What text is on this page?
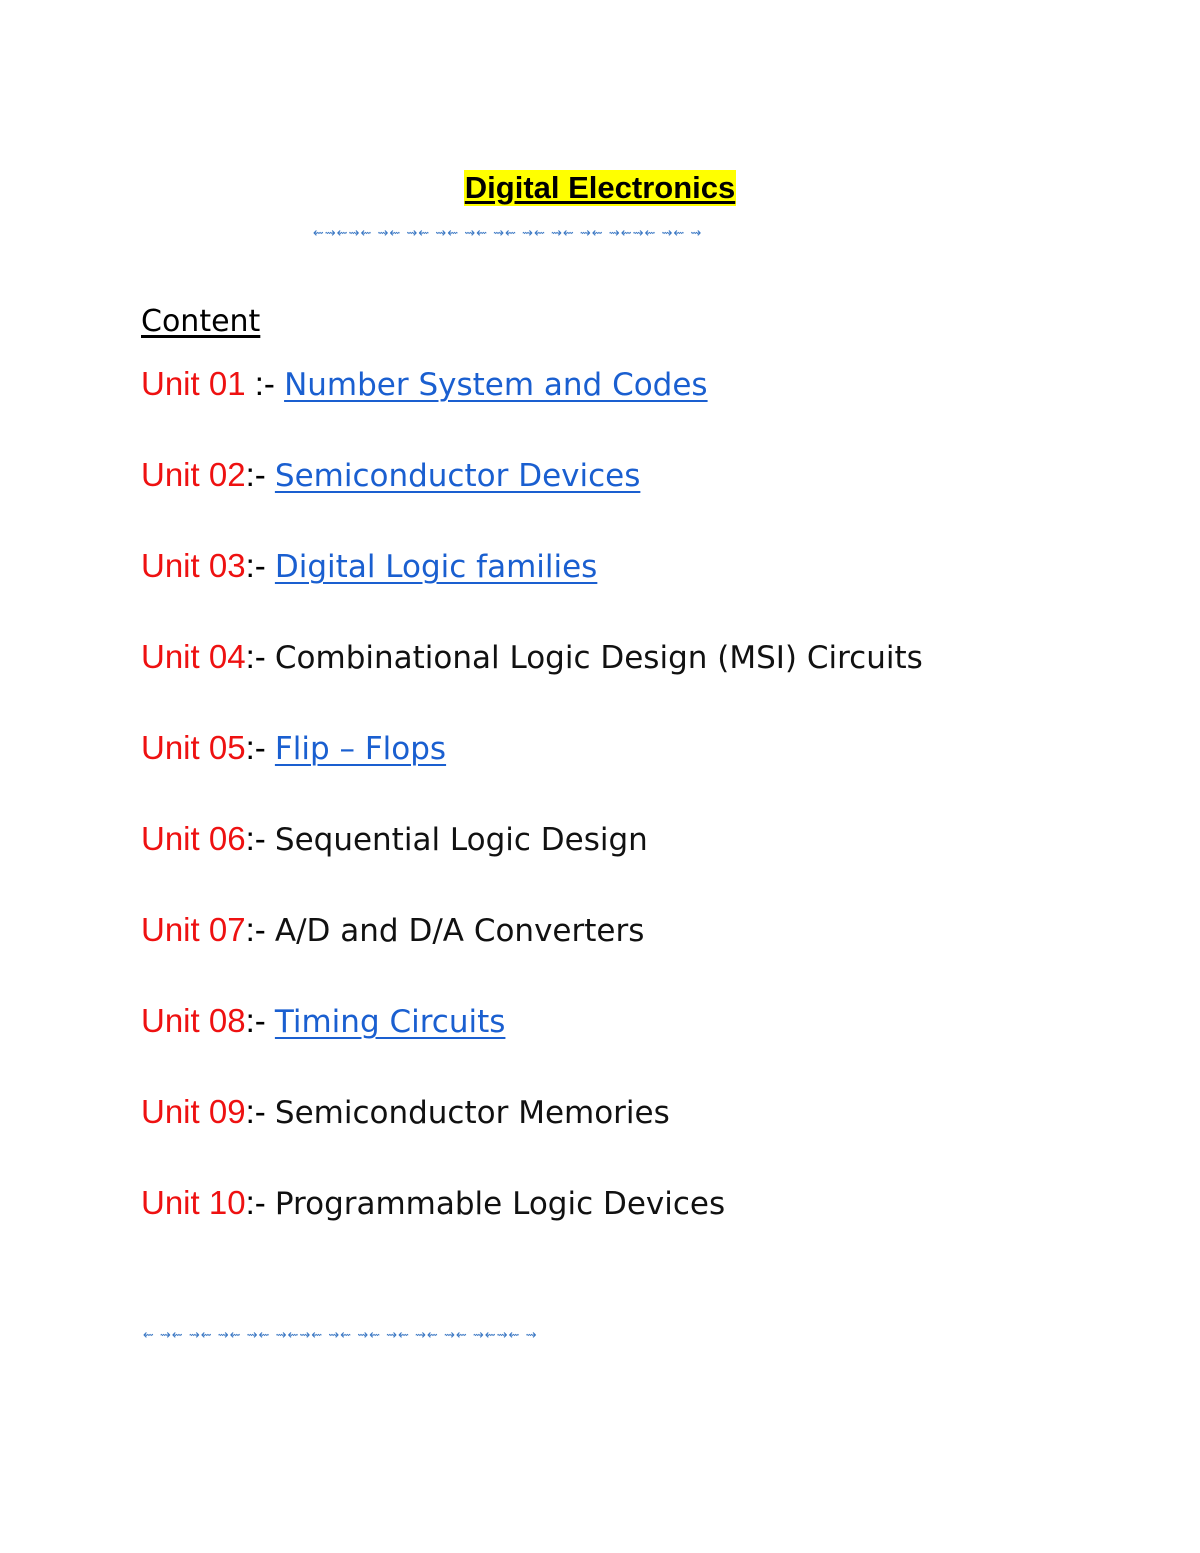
Digital Electronics
⇜⇝⇜⇝⇜ ⇝⇜ ⇝⇜ ⇝⇜ ⇝⇜ ⇝⇜ ⇝⇜ ⇝⇜ ⇝⇜ ⇝⇜⇝⇜ ⇝⇜ ⇝
Content
Unit 01 :- Number System and Codes
Unit 02:- Semiconductor Devices
Unit 03:- Digital Logic families
Unit 04:- Combinational Logic Design (MSI) Circuits
Unit 05:- Flip – Flops
Unit 06:- Sequential Logic Design
Unit 07:- A/D and D/A Converters
Unit 08:- Timing Circuits
Unit 09:- Semiconductor Memories
Unit 10:- Programmable Logic Devices
⇜ ⇝⇜ ⇝⇜ ⇝⇜ ⇝⇜ ⇝⇜⇝⇜ ⇝⇜ ⇝⇜ ⇝⇜ ⇝⇜ ⇝⇜ ⇝⇜⇝⇜ ⇝
